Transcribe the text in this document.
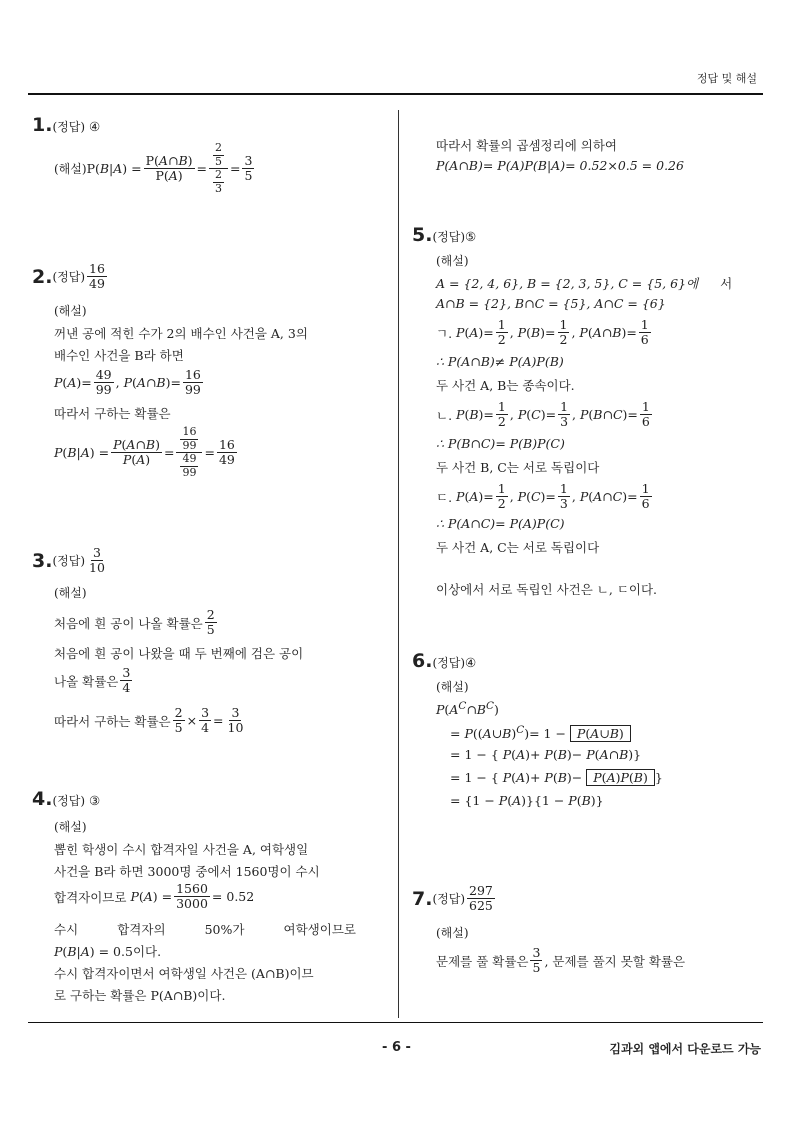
정답 및 해설
1.(정답) ④
(해설) $P(B|A) = \frac{P(A\cap B)}{P(A)} = \frac{\frac{2}{5}}{\frac{2}{3}} = \frac{3}{5}$
2. (정답) $\frac{16}{49}$
(해설)
꺼낸 공에 적힌 수가 2의 배수인 사건을 A, 3의
배수인 사건을 B라 하면
$P(A)= \frac{49}{99}$ , P(A∩B)= $\frac{16}{99}$
따라서 구하는 확률은
$P(B|A) = \frac{P(A\cap B)}{P(A)} = \frac{\frac{16}{99}}{\frac{49}{99}} = \frac{16}{49}$
3. (정답) $\frac{3}{10}$
(해설)
처음에 흰 공이 나올 확률은
2
5
처음에 흰 공이 나왔을 때 두 번째에 검은 공이
나올 확률은
3
4
따라서 구하는 확률은 $\frac{2}{5} \times \frac{3}{4} = \frac{3}{10}$
4.(정답) ③
(해설)
뽑힌 학생이 수시 합격자일 사건을 A, 여학생일
사건을 B라 하면 3000명 중에서 1560명이 수시
합격자이므로 $P(A) = \frac{1560}{3000} = 0.52$
수시	합격자의	50%가	여학생이므로
P(B|A) = 0.5이다.
수시 합격자이면서 여학생일 사건은 (A∩B)이므
로 구하는 확률은 P(A∩B)이다.
따라서 확률의 곱셈정리에 의하여
P(A∩B)= P(A)P(B|A)= 0.52×0.5 = 0.26
5.(정답)⑤
(해설)
A = {2, 4, 6}, B = {2, 3, 5}, C = {5, 6}에 서
A∩B = {2}, B∩C = {5}, A∩C = {6}
ㄱ. $P(A)= \frac{1}{2}$ , $P(B)= \frac{1}{2}$ , P(A∩B)= $\frac{1}{6}$
∴ P(A∩B)≠ P(A)P(B)
두 사건 A, B는 종속이다.
ㄴ. $P(B)= \frac{1}{2}$ , $P(C)= \frac{1}{3}$ , P(B∩C)= $\frac{1}{6}$
∴ P(B∩C)= P(B)P(C)
두 사건 B, C는 서로 독립이다
ㄷ. $P(A)= \frac{1}{2}$ , $P(C)= \frac{1}{3}$ , P(A∩C)= $\frac{1}{6}$
∴ P(A∩C)= P(A)P(C)
두 사건 A, C는 서로 독립이다
이상에서 서로 독립인 사건은 ㄴ, ㄷ이다.
6.(정답)④
(해설)
$P(A^C\cap B^C)$
= P((A∪B)$^C$)= 1 − P(A∪B)
= 1 − { P(A)+ P(B)− P(A∩B)}
= 1 − { P(A)+ P(B)− P(A)P(B) }
= {1 − P(A)}{1 − P(B)}
7. (정답) $\frac{297}{625}$
(해설)
문제를 풀 확률은
3
5 , 문제를 풀지 못할 확률은
- 6 -	김과외 앱에서 다운로드 가능
